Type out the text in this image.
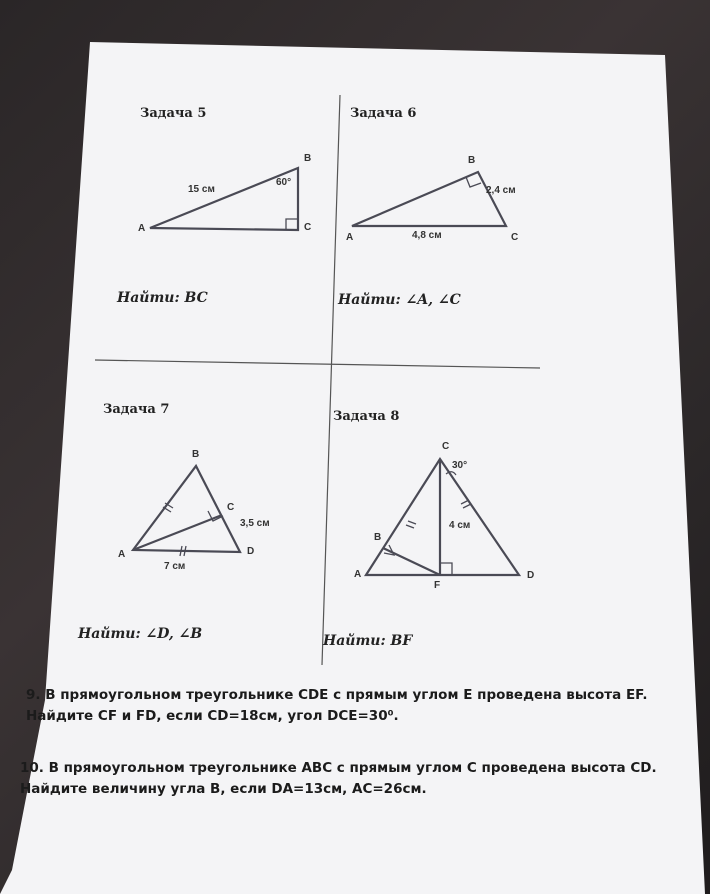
Задача 5
B
60°
15 см
A	C
Найти: BC
Задача 6
B
2,4 см
A	4,8 см	C
Найти: ∠A, ∠C
Задача 7
B
C
3,5 см
A	D
7 см
Найти: ∠D, ∠B
Задача 8
C
30°
4 см
B
A	D
F
Найти: BF
9. В прямоугольном треугольнике CDE с прямым углом E проведена высота EF. Найдите CF и FD, если CD=18см, угол DCE=30⁰.
10. В прямоугольном треугольнике ABC с прямым углом C проведена высота CD. Найдите величину угла B, если DA=13см, AC=26см.
